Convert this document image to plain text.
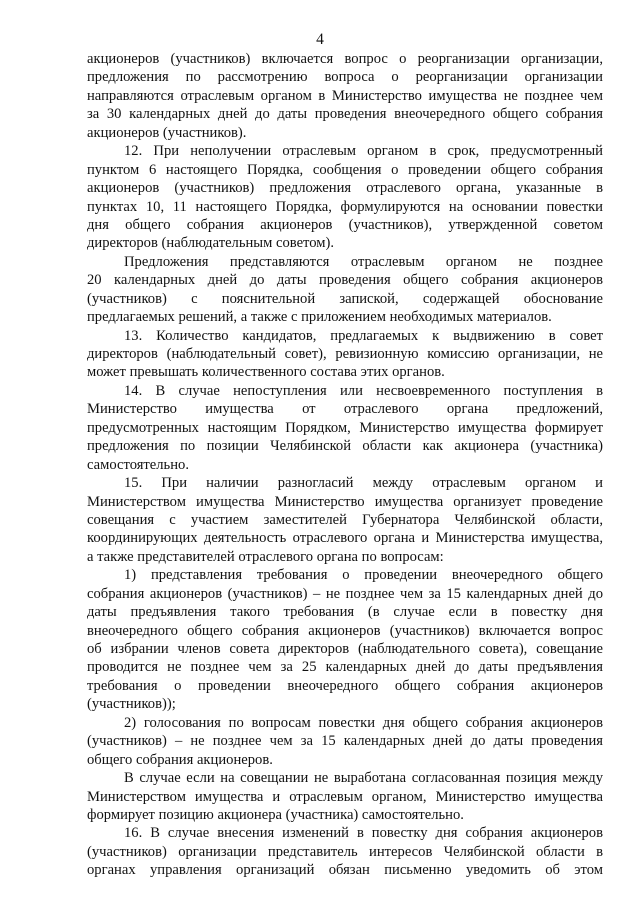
4
акционеров (участников) включается вопрос о реорганизации организации,
предложения по рассмотрению вопроса о реорганизации организации
направляются отраслевым органом в Министерство имущества не позднее чем
за 30 календарных дней до даты проведения внеочередного общего собрания
акционеров (участников).
12. При неполучении отраслевым органом в срок, предусмотренный
пунктом 6 настоящего Порядка, сообщения о проведении общего собрания
акционеров (участников) предложения отраслевого органа, указанные в
пунктах 10, 11 настоящего Порядка, формулируются на основании повестки
дня общего собрания акционеров (участников), утвержденной советом
директоров (наблюдательным советом).
Предложения представляются отраслевым органом не позднее
20 календарных дней до даты проведения общего собрания акционеров
(участников) с пояснительной запиской, содержащей обоснование
предлагаемых решений, а также с приложением необходимых материалов.
13. Количество кандидатов, предлагаемых к выдвижению в совет
директоров (наблюдательный совет), ревизионную комиссию организации, не
может превышать количественного состава этих органов.
14. В случае непоступления или несвоевременного поступления в
Министерство имущества от отраслевого органа предложений,
предусмотренных настоящим Порядком, Министерство имущества формирует
предложения по позиции Челябинской области как акционера (участника)
самостоятельно.
15. При наличии разногласий между отраслевым органом и
Министерством имущества Министерство имущества организует проведение
совещания с участием заместителей Губернатора Челябинской области,
координирующих деятельность отраслевого органа и Министерства имущества,
а также представителей отраслевого органа по вопросам:
1) представления требования о проведении внеочередного общего
собрания акционеров (участников) – не позднее чем за 15 календарных дней до
даты предъявления такого требования (в случае если в повестку дня
внеочередного общего собрания акционеров (участников) включается вопрос
об избрании членов совета директоров (наблюдательного совета), совещание
проводится не позднее чем за 25 календарных дней до даты предъявления
требования о проведении внеочередного общего собрания акционеров
(участников));
2) голосования по вопросам повестки дня общего собрания акционеров
(участников) – не позднее чем за 15 календарных дней до даты проведения
общего собрания акционеров.
В случае если на совещании не выработана согласованная позиция между
Министерством имущества и отраслевым органом, Министерство имущества
формирует позицию акционера (участника) самостоятельно.
16. В случае внесения изменений в повестку дня собрания акционеров
(участников) организации представитель интересов Челябинской области в
органах управления организаций обязан письменно уведомить об этом
